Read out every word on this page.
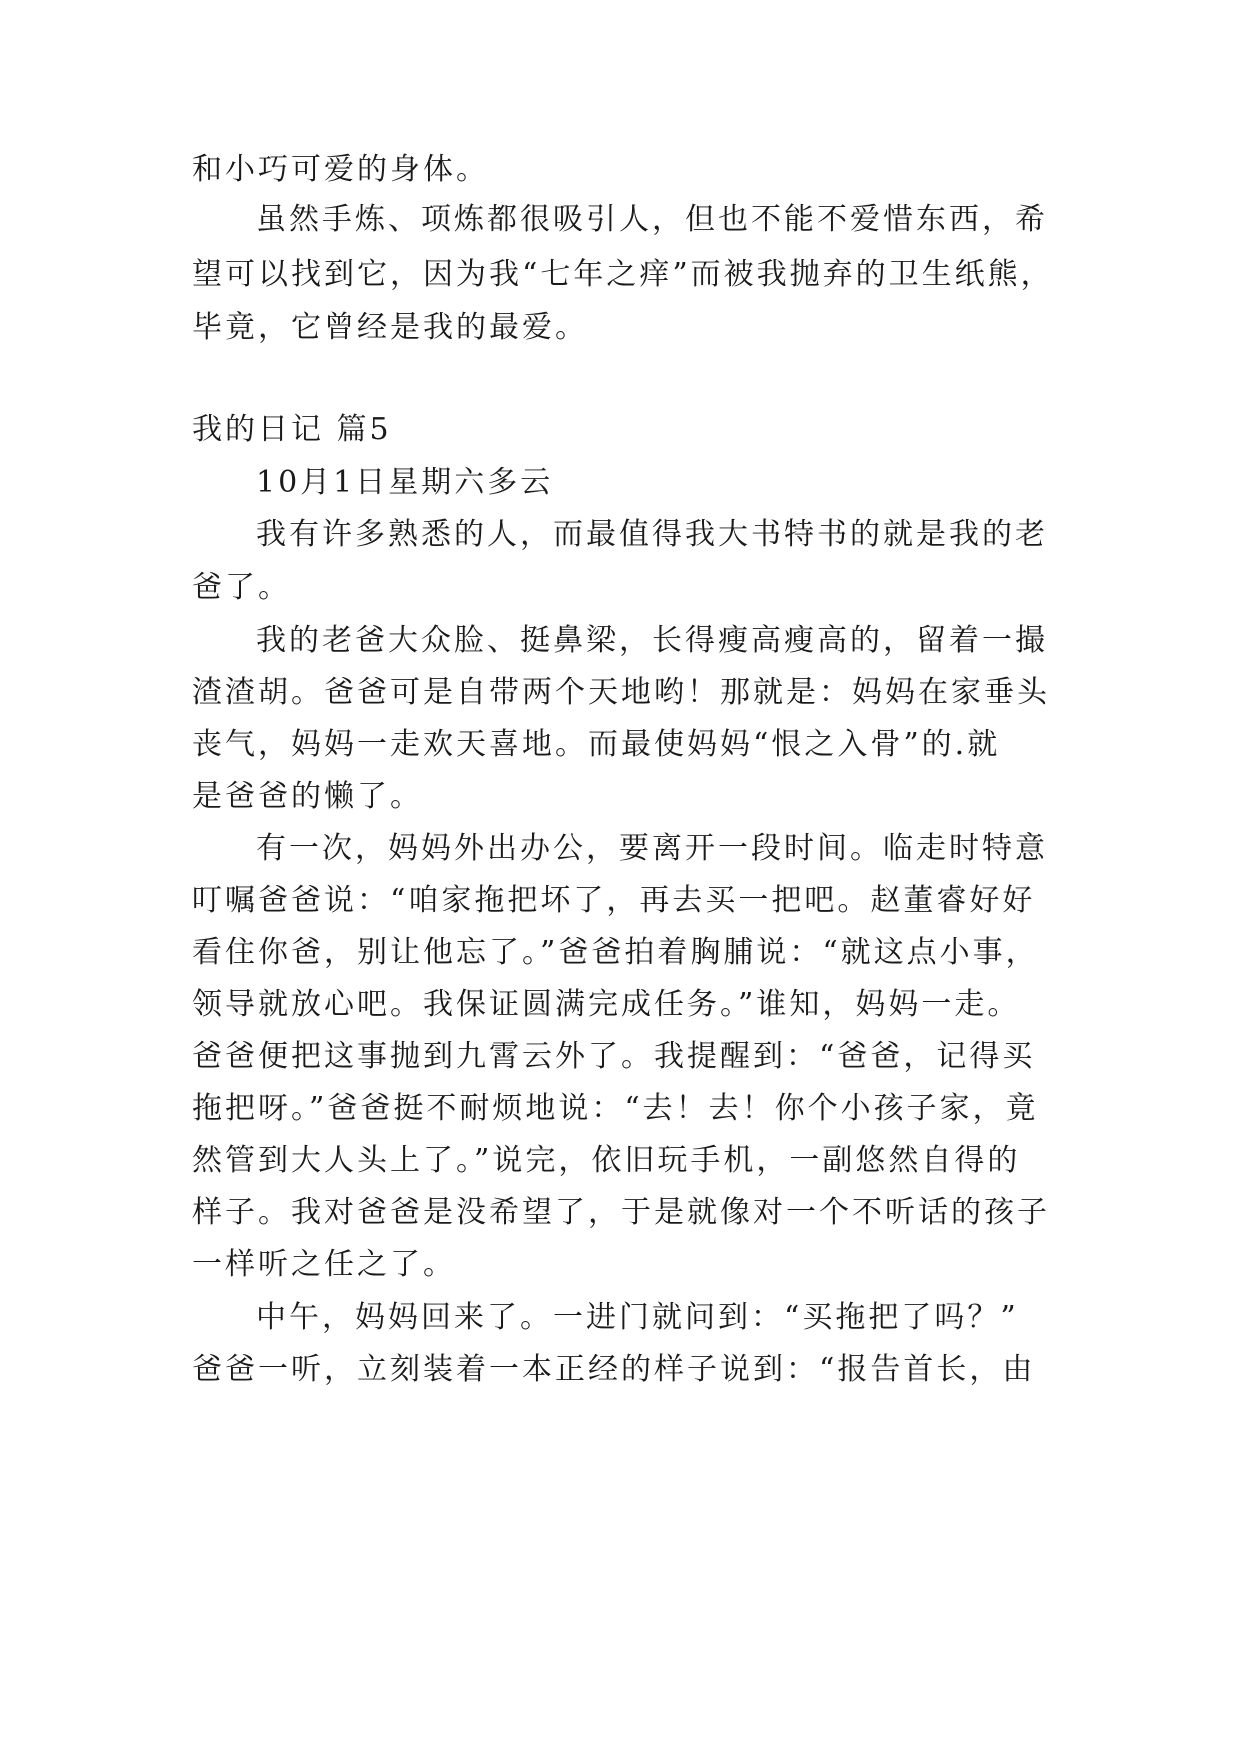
和小巧可爱的身体。
虽然手炼、项炼都很吸引人，但也不能不爱惜东西，希
望可以找到它，因为我“七年之痒”而被我抛弃的卫生纸熊，
毕竟，它曾经是我的最爱。
我的日记 篇5
10月1日星期六多云
我有许多熟悉的人，而最值得我大书特书的就是我的老
爸了。
我的老爸大众脸、挺鼻梁，长得瘦高瘦高的，留着一撮
渣渣胡。爸爸可是自带两个天地哟！那就是：妈妈在家垂头
丧气，妈妈一走欢天喜地。而最使妈妈“恨之入骨”的.就
是爸爸的懒了。
有一次，妈妈外出办公，要离开一段时间。临走时特意
叮嘱爸爸说：“咱家拖把坏了，再去买一把吧。赵董睿好好
看住你爸，别让他忘了。”爸爸拍着胸脯说：“就这点小事，
领导就放心吧。我保证圆满完成任务。”谁知，妈妈一走。
爸爸便把这事抛到九霄云外了。我提醒到：“爸爸，记得买
拖把呀。”爸爸挺不耐烦地说：“去！去！你个小孩子家，竟
然管到大人头上了。”说完，依旧玩手机，一副悠然自得的
样子。我对爸爸是没希望了，于是就像对一个不听话的孩子
一样听之任之了。
中午，妈妈回来了。一进门就问到：“买拖把了吗？”
爸爸一听，立刻装着一本正经的样子说到：“报告首长，由
